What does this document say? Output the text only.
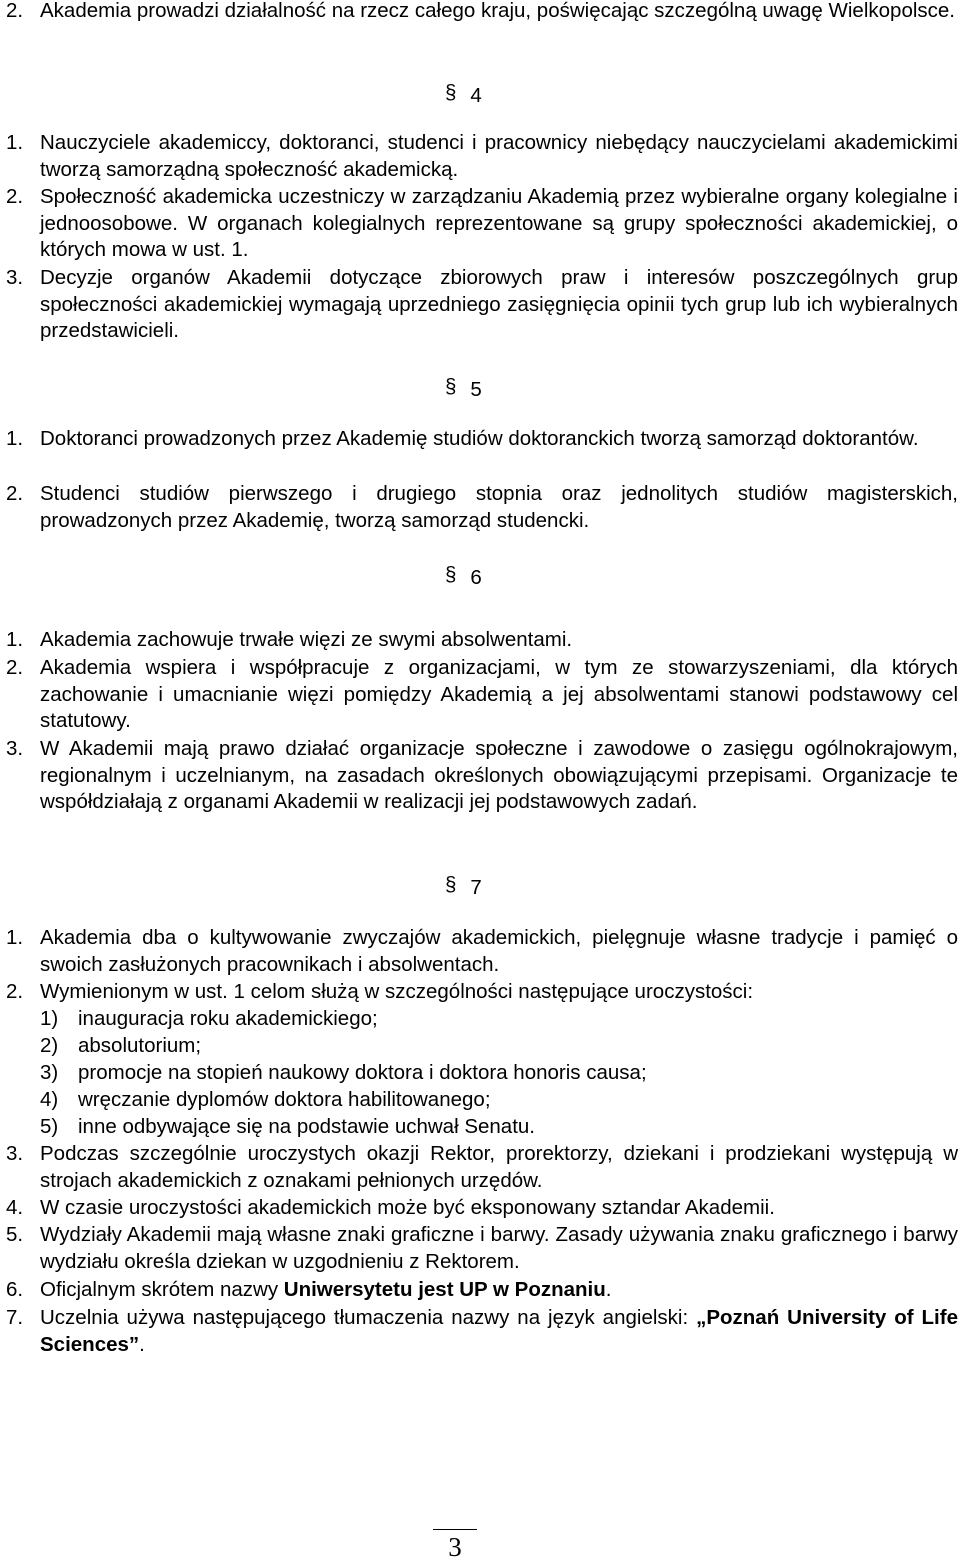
2. Akademia prowadzi działalność na rzecz całego kraju, poświęcając szczególną uwagę Wielkopolsce.
§ 4
1. Nauczyciele akademiccy, doktoranci, studenci i pracownicy niebędący nauczycielami akademickimi tworzą samorządną społeczność akademicką.
2. Społeczność akademicka uczestniczy w zarządzaniu Akademią przez wybieralne organy kolegialne i jednoosobowe. W organach kolegialnych reprezentowane są grupy społeczności akademickiej, o których mowa w ust. 1.
3. Decyzje organów Akademii dotyczące zbiorowych praw i interesów poszczególnych grup społeczności akademickiej wymagają uprzedniego zasięgnięcia opinii tych grup lub ich wybieralnych przedstawicieli.
§ 5
1. Doktoranci prowadzonych przez Akademię studiów doktoranckich tworzą samorząd doktorantów.
2. Studenci studiów pierwszego i drugiego stopnia oraz jednolitych studiów magisterskich, prowadzonych przez Akademię, tworzą samorząd studencki.
§ 6
1. Akademia zachowuje trwałe więzi ze swymi absolwentami.
2. Akademia wspiera i współpracuje z organizacjami, w tym ze stowarzyszeniami, dla których zachowanie i umacnianie więzi pomiędzy Akademią a jej absolwentami stanowi podstawowy cel statutowy.
3. W Akademii mają prawo działać organizacje społeczne i zawodowe o zasięgu ogólnokrajowym, regionalnym i uczelnianym, na zasadach określonych obowiązującymi przepisami. Organizacje te współdziałają z organami Akademii w realizacji jej podstawowych zadań.
§ 7
1. Akademia dba o kultywowanie zwyczajów akademickich, pielęgnuje własne tradycje i pamięć o swoich zasłużonych pracownikach i absolwentach.
2. Wymienionym w ust. 1 celom służą w szczególności następujące uroczystości:
1) inauguracja roku akademickiego;
2) absolutorium;
3) promocje na stopień naukowy doktora i doktora honoris causa;
4) wręczanie dyplomów doktora habilitowanego;
5) inne odbywające się na podstawie uchwał Senatu.
3. Podczas szczególnie uroczystych okazji Rektor, prorektorzy, dziekani i prodziekani występują w strojach akademickich z oznakami pełnionych urzędów.
4. W czasie uroczystości akademickich może być eksponowany sztandar Akademii.
5. Wydziały Akademii mają własne znaki graficzne i barwy. Zasady używania znaku graficznego i barwy wydziału określa dziekan w uzgodnieniu z Rektorem.
6. Oficjalnym skrótem nazwy Uniwersytetu jest UP w Poznaniu.
7. Uczelnia używa następującego tłumaczenia nazwy na język angielski: „Poznań University of Life Sciences”.
3
